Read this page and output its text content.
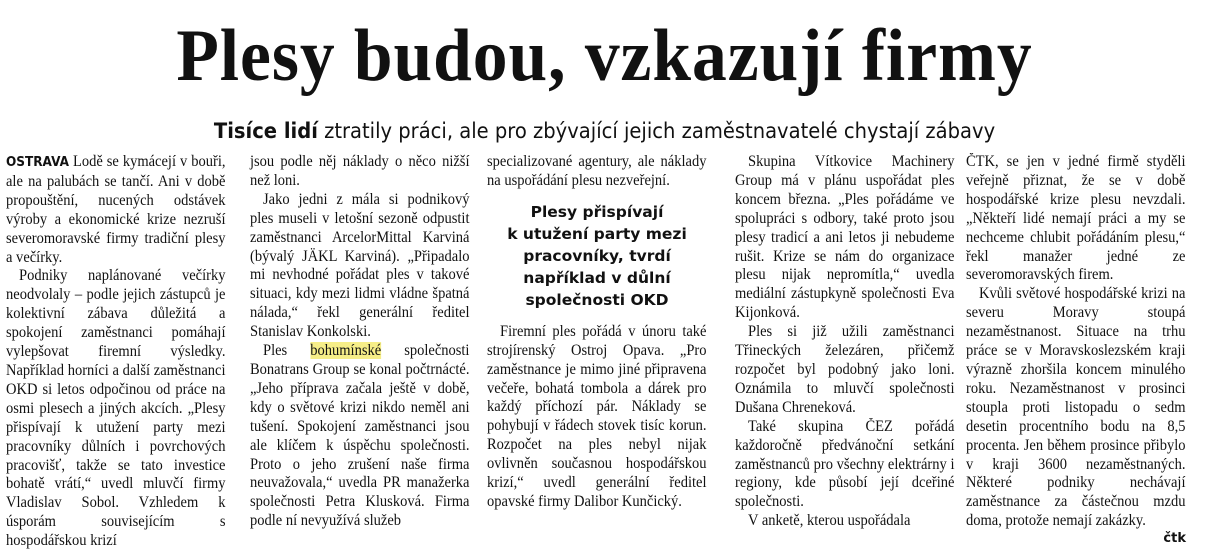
Plesy budou, vzkazují firmy
Tisíce lidí ztratily práci, ale pro zbývající jejich zaměstnavatelé chystají zábavy

OSTRAVA Lodě se kymácejí v bouři, ale na palubách se tančí. Ani v době propouštění, nucených odstávek výroby a ekonomické krize nezruší severomoravské firmy tradiční plesy a večírky.

Podniky naplánované večírky neodvolaly – podle jejich zástupců je kolektivní zábava důležitá a spokojení zaměstnanci pomáhají vylepšovat firemní výsledky. Například horníci a další zaměstnanci OKD si letos odpočinou od práce na osmi plesech a jiných akcích. „Plesy přispívají k utužení party mezi pracovníky důlních i povrchových pracovišť, takže se tato investice bohatě vrátí,“ uvedl mluvčí firmy Vladislav Sobol. Vzhledem k úsporám souvisejícím s hospodářskou krizí

jsou podle něj náklady o něco nižší než loni.

Jako jedni z mála si podnikový ples museli v letošní sezoně odpustit zaměstnanci ArcelorMittal Karviná (bývalý JÄKL Karviná). „Připadalo mi nevhodné pořádat ples v takové situaci, kdy mezi lidmi vládne špatná nálada,“ řekl generální ředitel Stanislav Konkolski.

Ples bohumínské společnosti Bonatrans Group se konal počtrnácté. „Jeho příprava začala ještě v době, kdy o světové krizi nikdo neměl ani tušení. Spokojení zaměstnanci jsou ale klíčem k úspěchu společnosti. Proto o jeho zrušení naše firma neuvažovala,“ uvedla PR manažerka společnosti Petra Klusková. Firma podle ní nevyužívá služeb

specializované agentury, ale náklady na uspořádání plesu nezveřejní.

Plesy přispívají
k utužení party mezi
pracovníky, tvrdí
například v důlní
společnosti OKD

Firemní ples pořádá v únoru také strojírenský Ostroj Opava. „Pro zaměstnance je mimo jiné připravena večeře, bohatá tombola a dárek pro každý příchozí pár. Náklady se pohybují v řádech stovek tisíc korun. Rozpočet na ples nebyl nijak ovlivněn současnou hospodářskou krizí,“ uvedl generální ředitel opavské firmy Dalibor Kunčický.

Skupina Vítkovice Machinery Group má v plánu uspořádat ples koncem března. „Ples pořádáme ve spolupráci s odbory, také proto jsou plesy tradicí a ani letos ji nebudeme rušit. Krize se nám do organizace plesu nijak nepromítla,“ uvedla mediální zástupkyně společnosti Eva Kijonková.

Ples si již užili zaměstnanci Třineckých železáren, přičemž rozpočet byl podobný jako loni. Oznámila to mluvčí společnosti Dušana Chreneková.

Také skupina ČEZ pořádá každoročně předvánoční setkání zaměstnanců pro všechny elektrárny i regiony, kde působí její dceřiné společnosti.

V anketě, kterou uspořádala

ČTK, se jen v jedné firmě styděli veřejně přiznat, že se v době hospodářské krize plesu nevzdali. „Někteří lidé nemají práci a my se nechceme chlubit pořádáním plesu,“ řekl manažer jedné ze severomoravských firem.

Kvůli světové hospodářské krizi na severu Moravy stoupá nezaměstnanost. Situace na trhu práce se v Moravskoslezském kraji výrazně zhoršila koncem minulého roku. Nezaměstnanost v prosinci stoupla proti listopadu o sedm desetin procentního bodu na 8,5 procenta. Jen během prosince přibylo v kraji 3600 nezaměstnaných. Některé podniky nechávají zaměstnance za částečnou mzdu doma, protože nemají zakázky.

čtk
